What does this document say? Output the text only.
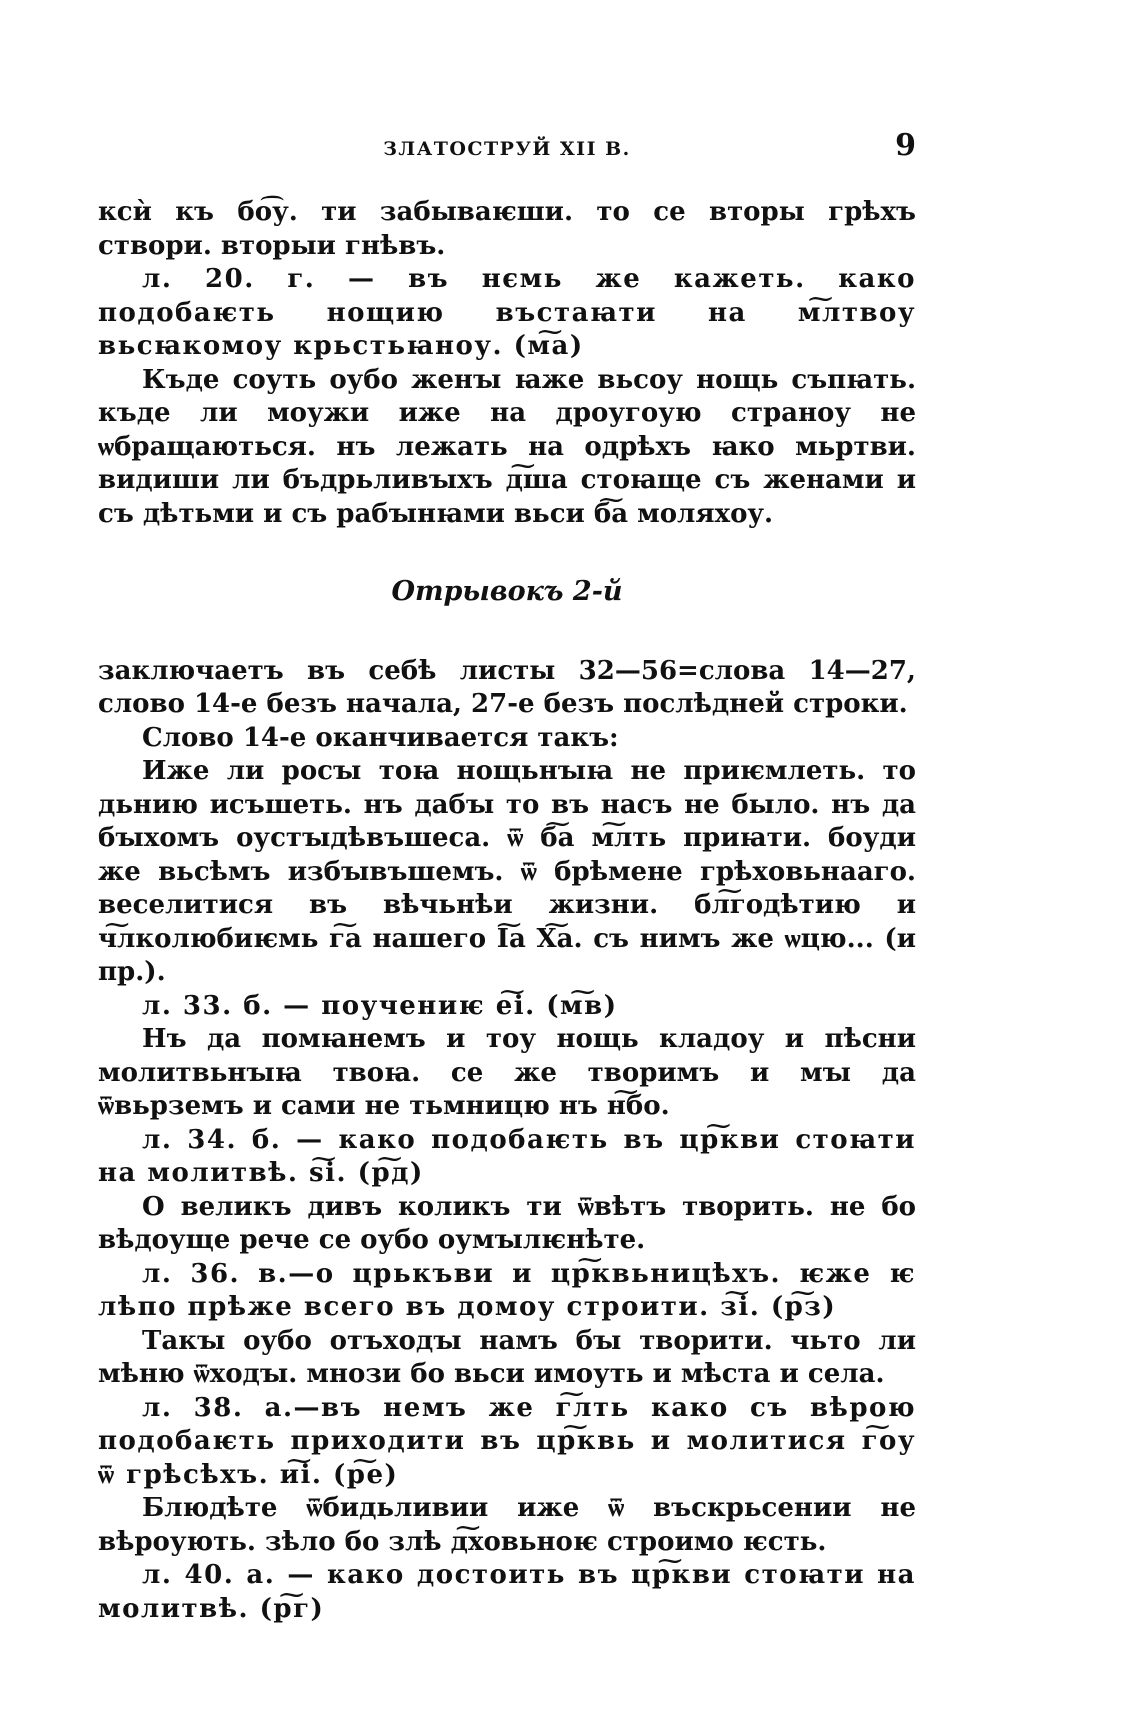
ЗЛАТОСТРУЙ XII В.	9

ксѝ къ бо͡у. ти забываѥши. то се вторы грѣхъ створи. вторыи гнѣвъ.

л. 20. г. — въ нємь же кажеть. како подобаѥть нощию въстаꙗти на м͠лтвоу вьсꙗкомоу крьстьꙗноу. (м͠а)

Къде соуть оубо женꙑ ꙗже вьсоу нощь съпꙗть. къде ли моужи иже на дроугоую страноу не ѡбращаються. нъ лежать на одрѣхъ ꙗко мьртви. видиши ли бъдрьливꙑхъ д͠ша стоꙗще съ женами и съ дѣтьми и съ рабꙑнꙗми вьси б͠а моляхоу.

Отрывокъ 2-й

заключаетъ въ себѣ листы 32—56=слова 14—27, слово 14-е безъ начала, 27-е безъ послѣдней строки.

Слово 14-е оканчивается такъ:

Иже ли росꙑ тоꙗ нощьнꙑꙗ не приѥмлеть. то дьнию исъшеть. нъ дабꙑ то въ насъ не было. нъ да бꙑхомъ оустꙑдѣвъшеса. ѿ б͠а м͠лть приꙗти. боуди же вьсѣмъ избꙑвъшемъ. ѿ брѣмене грѣховьнааго. веселитися въ вѣчьнѣи жизни. бл͠годѣтию и ч͠лколюбиѥмь г͠а нашего І͠а Х͠а. съ нимъ же ѡцю... (и пр.).

л. 33. б. — поучениѥ е͠і. (м͠в)

Нъ да помꙗнемъ и тоу нощь кладоу и пѣсни молитвьнꙑꙗ твоꙗ. се же творимъ и мꙑ да ѿвьрземъ и сами не тьмницю нъ н͠бо.

л. 34. б. — како подобаѥть въ цр͠кви стоꙗти на молитвѣ. ѕ͠і. (р͠д)

О великъ дивъ коликъ ти ѿвѣтъ творить. не бо вѣдоуще рече се оубо оумꙑлѥнѣте.

л. 36. в.—о црькъви и цр͠квьницѣхъ. ѥже ѥ лѣпо прѣже всего въ домоу строити. з͠і. (р͠з)

Такꙑ оубо отъходꙑ намъ бꙑ творити. чьто ли мѣню ѿходꙑ. мнози бо вьси имоуть и мѣста и села.

л. 38. а.—въ немъ же г͠лть како съ вѣрою подобаѥть приходити въ цр͠квь и молитися г͠оу ѿ грѣсѣхъ. и͠і. (р͠е)

Блюдѣте ѿбидьливии иже ѿ въскрьсении не вѣроують. зѣло бо злѣ д͠ховьноѥ строимо ѥсть.

л. 40. а. — како достоить въ цр͠кви стоꙗти на молитвѣ. (р͠г)
